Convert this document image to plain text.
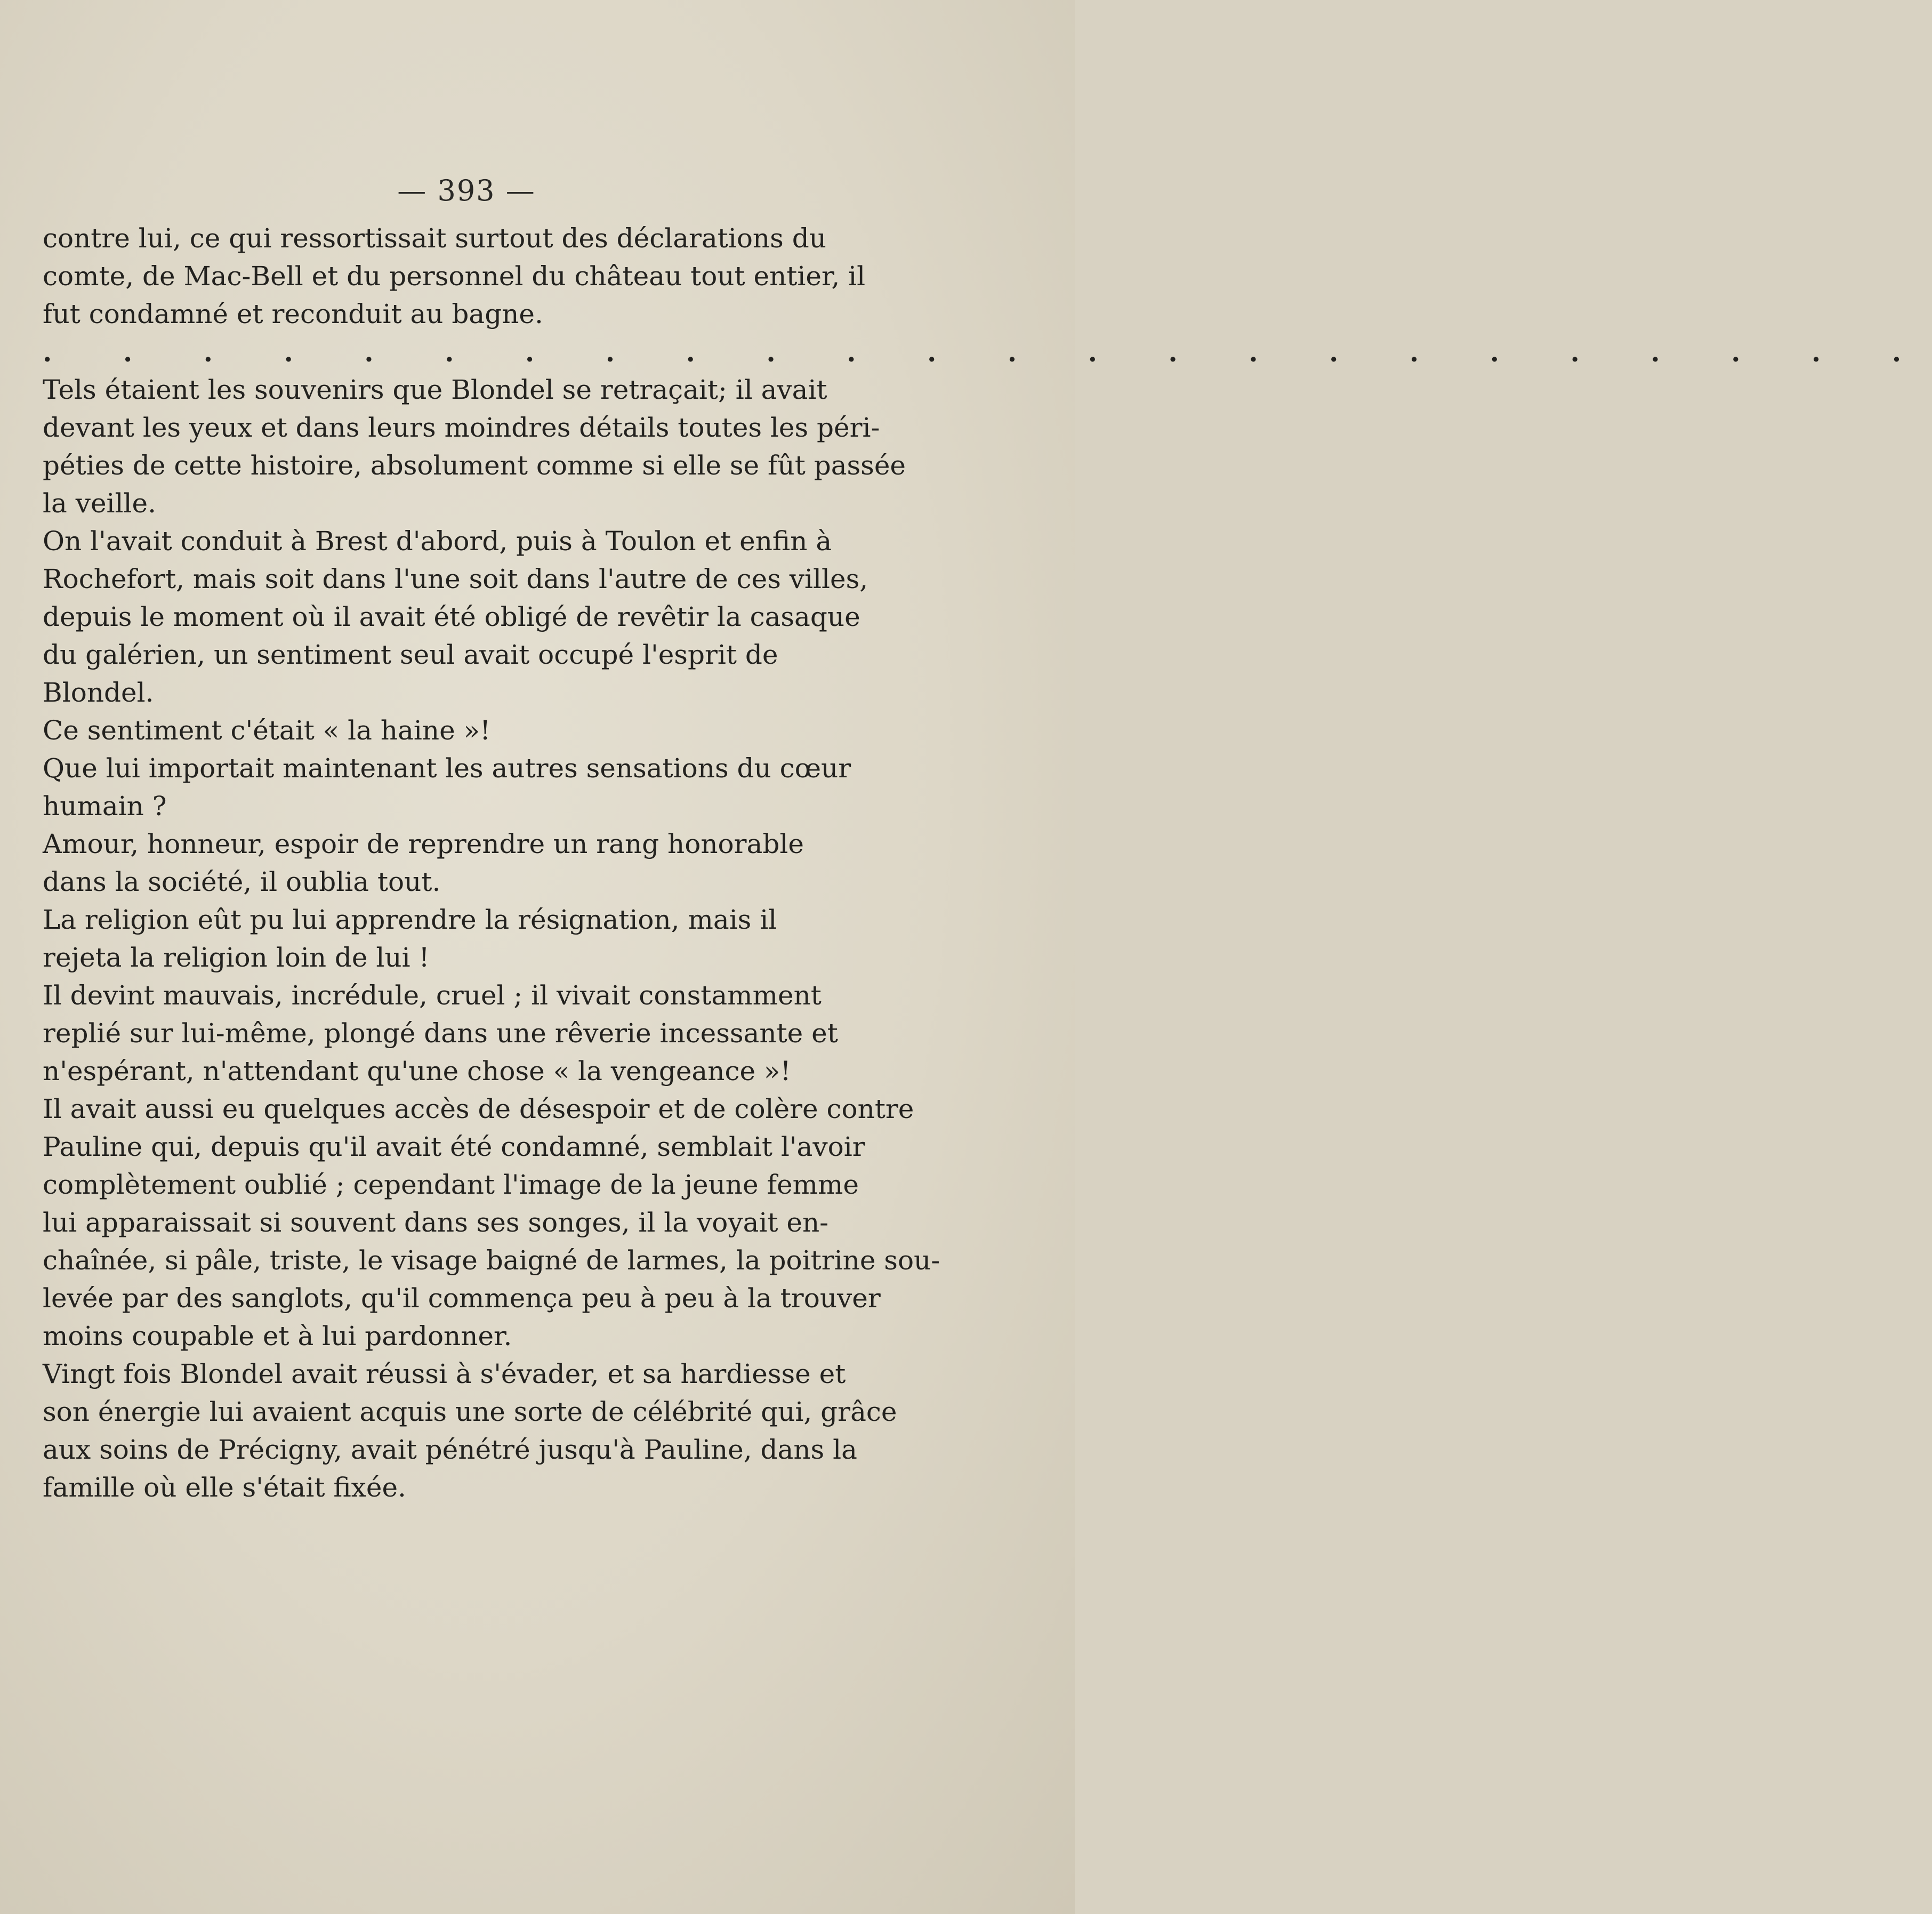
— 393 —
contre lui, ce qui ressortissait surtout des déclarations du
comte, de Mac-Bell et du personnel du château tout entier, il
fut condamné et reconduit au bagne.
. . . . . . . . . . . . . . . . . . . . . . . .
Tels étaient les souvenirs que Blondel se retraçait; il avait
devant les yeux et dans leurs moindres détails toutes les péri-
péties de cette histoire, absolument comme si elle se fût passée
la veille.
On l'avait conduit à Brest d'abord, puis à Toulon et enfin à
Rochefort, mais soit dans l'une soit dans l'autre de ces villes,
depuis le moment où il avait été obligé de revêtir la casaque
du galérien, un sentiment seul avait occupé l'esprit de
Blondel.
Ce sentiment c'était « la haine »!
Que lui importait maintenant les autres sensations du cœur
humain ?
Amour, honneur, espoir de reprendre un rang honorable
dans la société, il oublia tout.
La religion eût pu lui apprendre la résignation, mais il
rejeta la religion loin de lui !
Il devint mauvais, incrédule, cruel ; il vivait constamment
replié sur lui-même, plongé dans une rêverie incessante et
n'espérant, n'attendant qu'une chose « la vengeance »!
Il avait aussi eu quelques accès de désespoir et de colère contre
Pauline qui, depuis qu'il avait été condamné, semblait l'avoir
complètement oublié ; cependant l'image de la jeune femme
lui apparaissait si souvent dans ses songes, il la voyait en-
chaînée, si pâle, triste, le visage baigné de larmes, la poitrine sou-
levée par des sanglots, qu'il commença peu à peu à la trouver
moins coupable et à lui pardonner.
Vingt fois Blondel avait réussi à s'évader, et sa hardiesse et
son énergie lui avaient acquis une sorte de célébrité qui, grâce
aux soins de Précigny, avait pénétré jusqu'à Pauline, dans la
famille où elle s'était fixée.
